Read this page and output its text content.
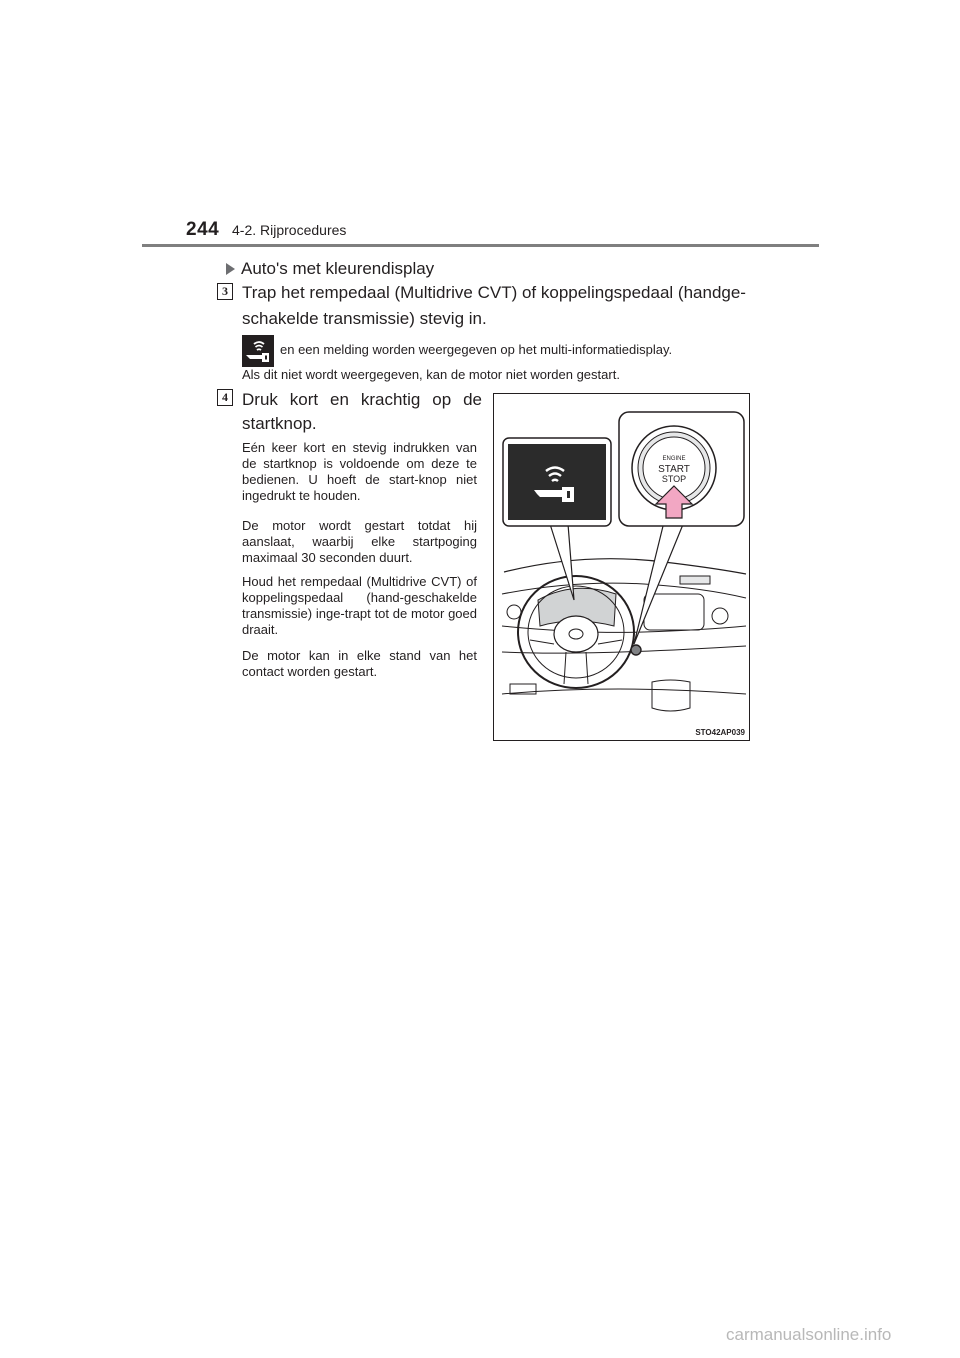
244 4-2. Rijprocedures
Auto's met kleurendisplay
3 Trap het rempedaal (Multidrive CVT) of koppelingspedaal (handge-schakelde transmissie) stevig in.
en een melding worden weergegeven op het multi-informatiedisplay.
Als dit niet wordt weergegeven, kan de motor niet worden gestart.
4 Druk kort en krachtig op de startknop.
Eén keer kort en stevig indrukken van de startknop is voldoende om deze te bedienen. U hoeft de start-knop niet ingedrukt te houden.
De motor wordt gestart totdat hij aanslaat, waarbij elke startpoging maximaal 30 seconden duurt.
Houd het rempedaal (Multidrive CVT) of koppelingspedaal (hand-geschakelde transmissie) inge-trapt tot de motor goed draait.
De motor kan in elke stand van het contact worden gestart.
ENGINE
START
STOP
STO42AP039
carmanualsonline.info
